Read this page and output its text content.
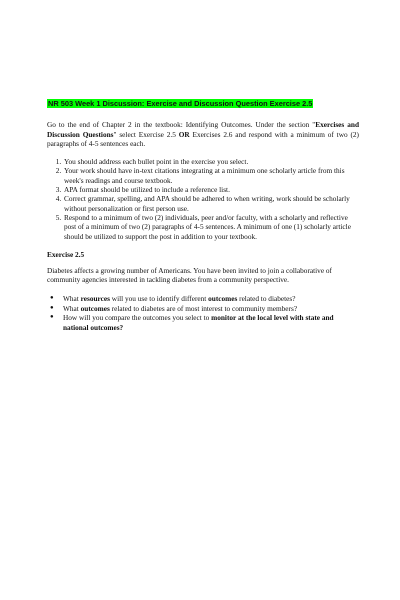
NR 503 Week 1 Discussion: Exercise and Discussion Question Exercise 2.5

Go to the end of Chapter 2 in the textbook: Identifying Outcomes. Under the section "Exercises and Discussion Questions" select Exercise 2.5 OR Exercises 2.6 and respond with a minimum of two (2) paragraphs of 4-5 sentences each.

1. You should address each bullet point in the exercise you select.
2. Your work should have in-text citations integrating at a minimum one scholarly article from this week's readings and course textbook.
3. APA format should be utilized to include a reference list.
4. Correct grammar, spelling, and APA should be adhered to when writing, work should be scholarly without personalization or first person use.
5. Respond to a minimum of two (2) individuals, peer and/or faculty, with a scholarly and reflective post of a minimum of two (2) paragraphs of 4-5 sentences. A minimum of one (1) scholarly article should be utilized to support the post in addition to your textbook.

Exercise 2.5

Diabetes affects a growing number of Americans. You have been invited to join a collaborative of community agencies interested in tackling diabetes from a community perspective.

● What resources will you use to identify different outcomes related to diabetes?
● What outcomes related to diabetes are of most interest to community members?
● How will you compare the outcomes you select to monitor at the local level with state and national outcomes?
